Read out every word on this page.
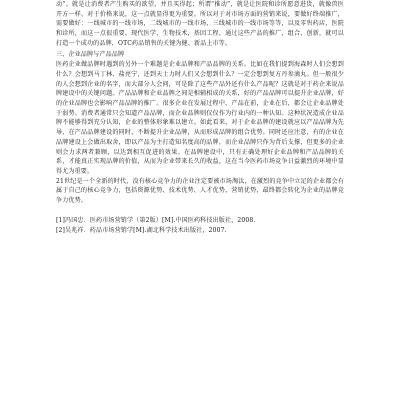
动”。就是让消费者产生购买的欲望，并且买得起；所谓“推动”，就是让医院和诊所愿意进货，就像兽医开方一样。对于价格来说，这一点就显得更为重要。所以对于对市场方面的营销来说，要做好终端推广，需要做好：一线城市的一线市场，二线城市的一线市场，三线城市的一线市场等等，以及零售药店，医院和诊所，而这一点很重要。现代医学，生物技术，基因工程，通过这些产品的推广、组合、创新，就可以打造一个成功的品牌，OTC药品销售的关键为健、新品上市等。

三、企业品牌与产品品牌

医药企业做品牌时遇到的另外一个难题是企业品牌和产品品牌的关系。比如在我们提到海森时人们会想到什么？会想到马丁林、盐亮宁，还到天士力时人们又会想到什么？一定会想到复方丹参滴丸。但一般很少的人会想到企业的名字，而大部分人会问，可是除了这些产品外还有什么产品呢？这就是对于药企来说品牌建设中的关键问题。产品品牌和企业品牌之间是相辅相成的关系，好的产品品牌可以提升企业品牌，好的企业品牌也会影响产品品牌的推广。很多企业在发展过程中，产品在前，企业在后，都会让企业品牌处于弱势。消费者通常只会知道产品品牌，而企业品牌则仅仅作为行业内的一种认知。这种状况造成企业品牌不能够得到充分认知，企业的整体形象难以建立。如此看来，对于企业品牌的建设就应以产品品牌为先导，在产品品牌建设的同时，不断提升企业品牌，从而形成品牌的组合优势。同时还应注意，有的企业在品牌建设上会做出取舍，即以产品为主打造知名度高的品牌，而企业品牌只作为背后支撑，但更多的企业则会力求两者兼顾，以达到相互促进的效果。在品牌建设中，只有正确处理好企业品牌和产品品牌的关系，才能真正实现品牌的价值，从而为企业带来长久的收益，这在当今医药市场竞争日益激烈的环境中显得尤为重要。

21世纪是一个全新的时代，没有核心竞争力的企业注定要被市场淘汰，在激烈的竞争中立足的企业都会有属于自己的核心竞争力，包括资源优势、技术优势、人才优势、营销优势，最终都会转化为企业的品牌竞争力优势。

[1]冯国忠．医药市场营销学（第2版）[M].中国医药科技出版社，2008.

[2]吴兆祥．药品市场营销学[M].湖北科学技术出版社，2007.
